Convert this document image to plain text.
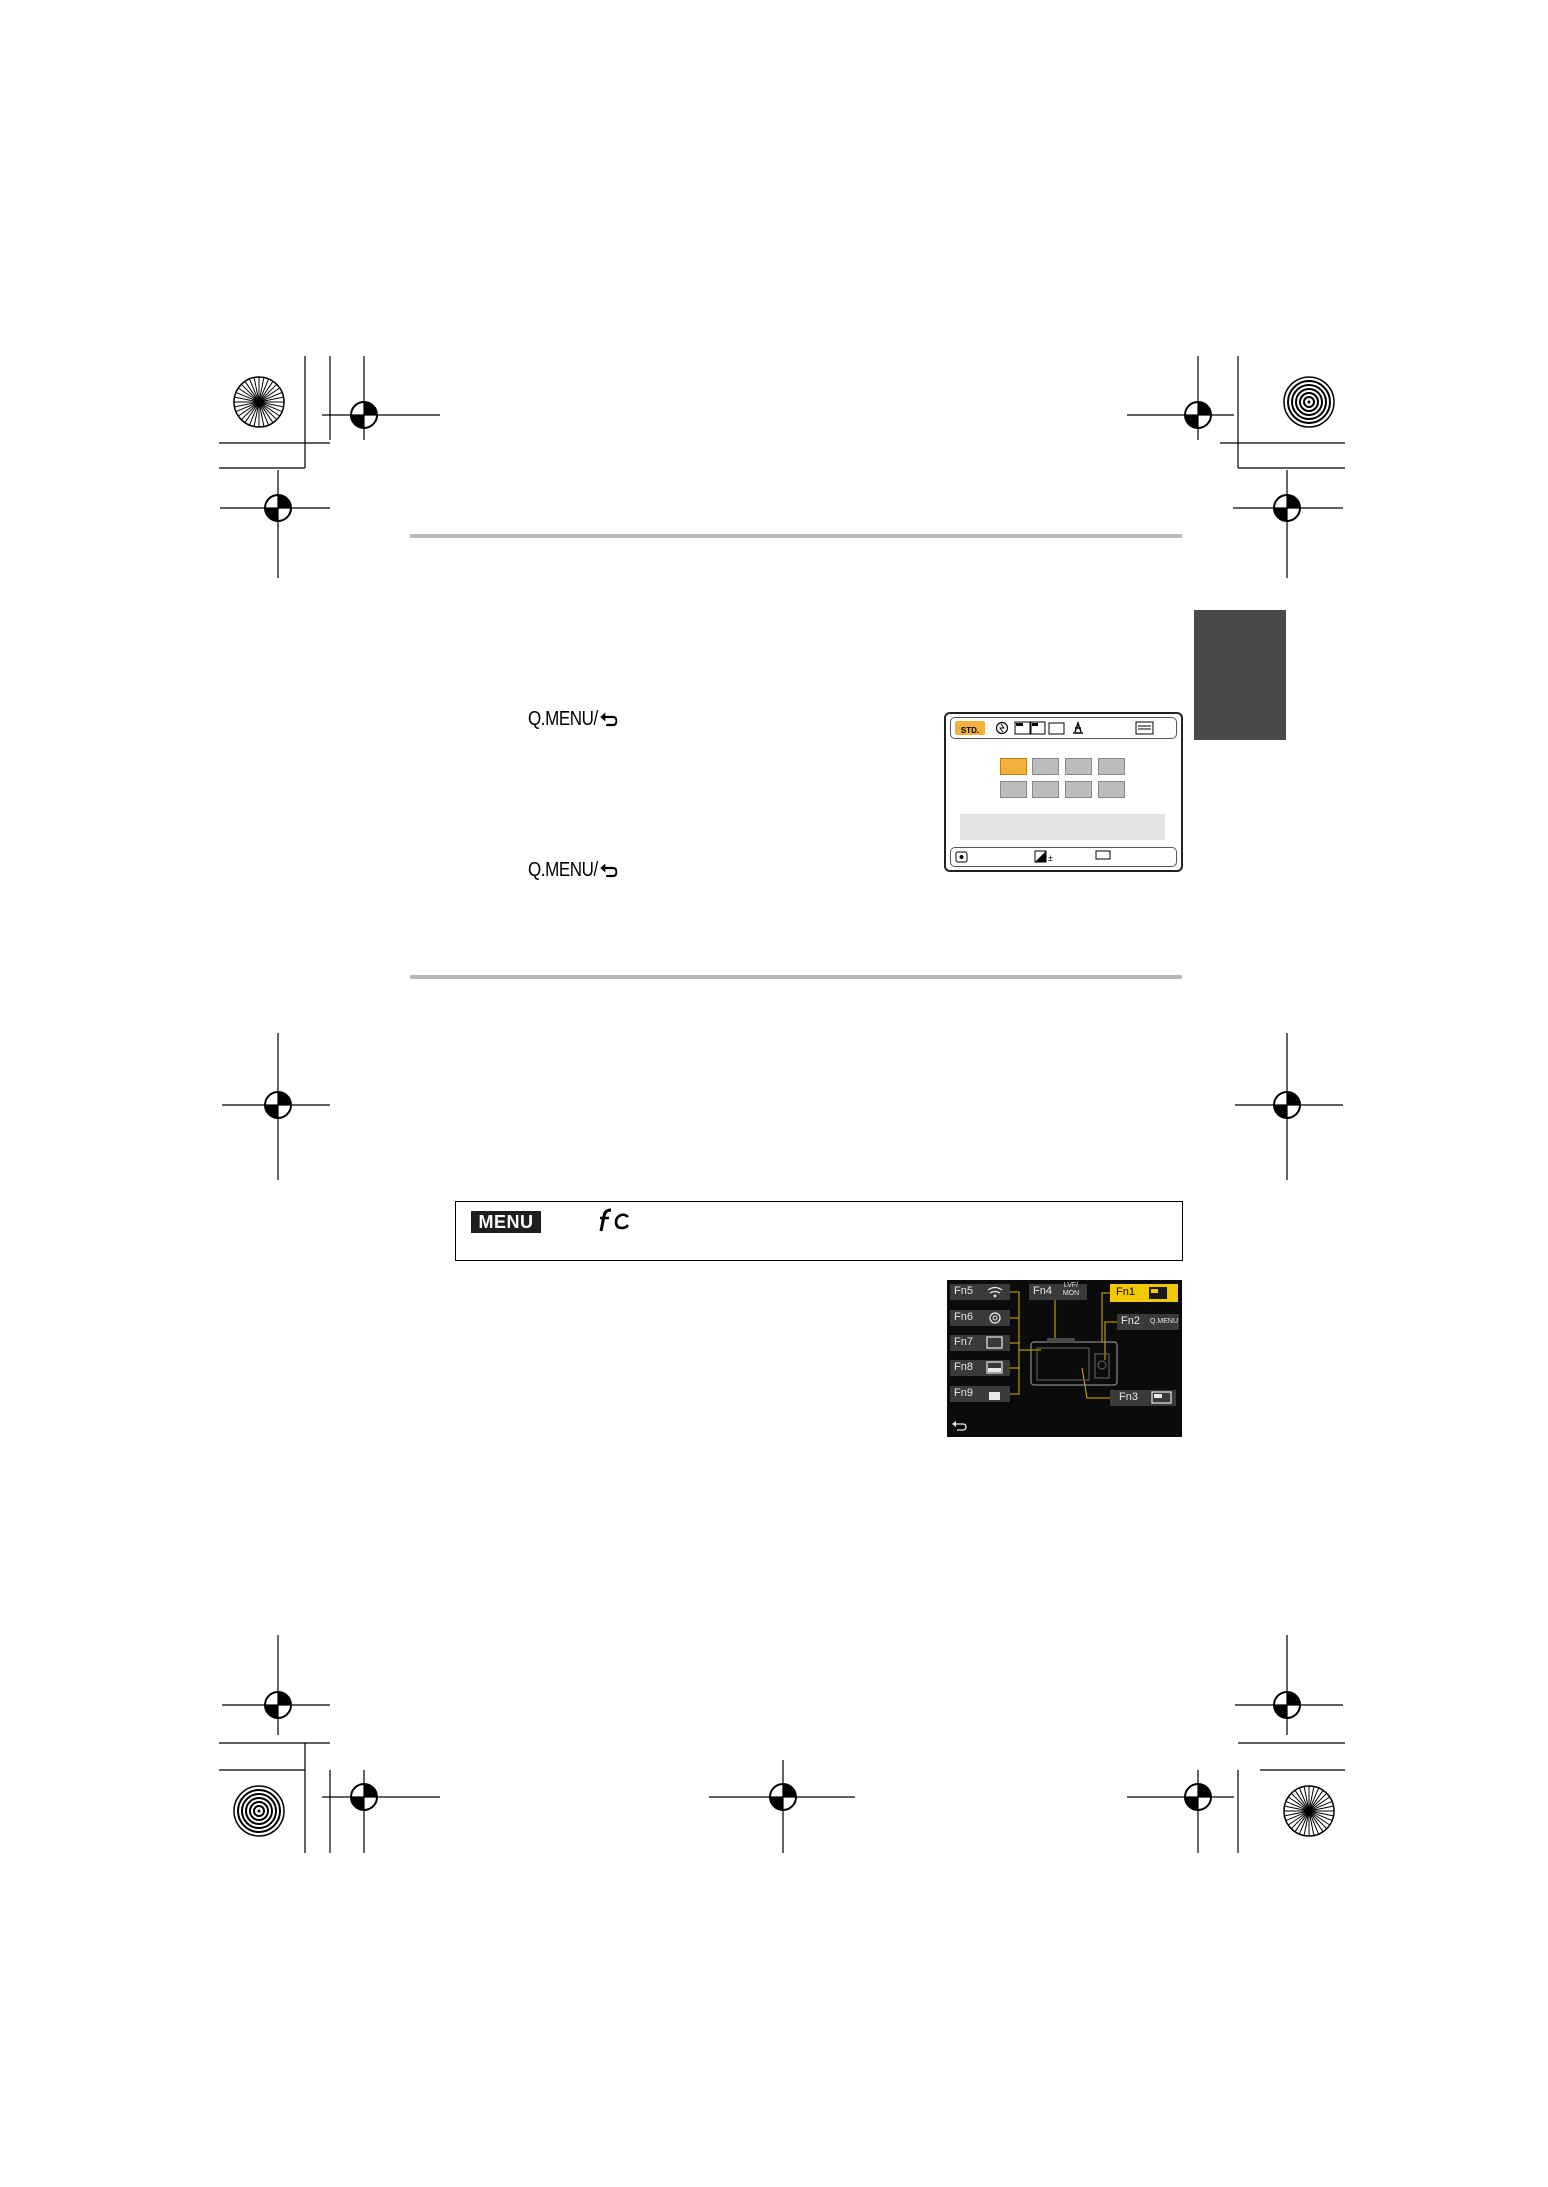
Q.MENU/
Q.MENU/
STD.
±
MENU
Fn5
Fn6
Fn7
Fn8
Fn9
Fn4	LVF/ MON	Fn1
Fn2 Q.MENU
Fn3
